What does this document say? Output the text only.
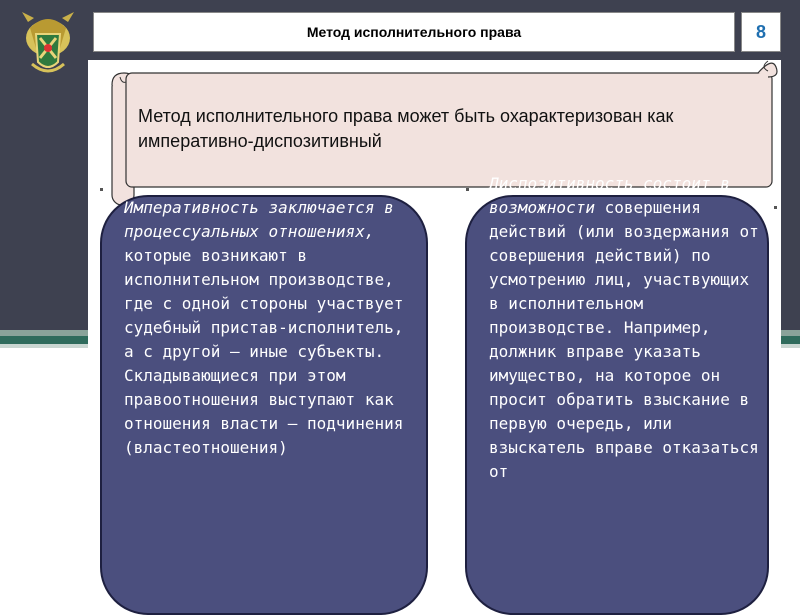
Метод исполнительного права	8
Метод исполнительного права может быть охарактеризован как императивно-диспозитивный
Императивность заключается в процессуальных отношениях, которые возникают в исполнительном производстве, где с одной стороны участвует судебный пристав-исполнитель, а с другой – иные субъекты. Складывающиеся при этом правоотношения выступают как отношения власти – подчинения (властеотношения)
Диспозитивность состоит в возможности совершения действий (или воздержания от совершения действий) по усмотрению лиц, участвующих в исполнительном производстве. Например, должник вправе указать имущество, на которое он просит обратить взыскание в первую очередь, или взыскатель вправе отказаться от
